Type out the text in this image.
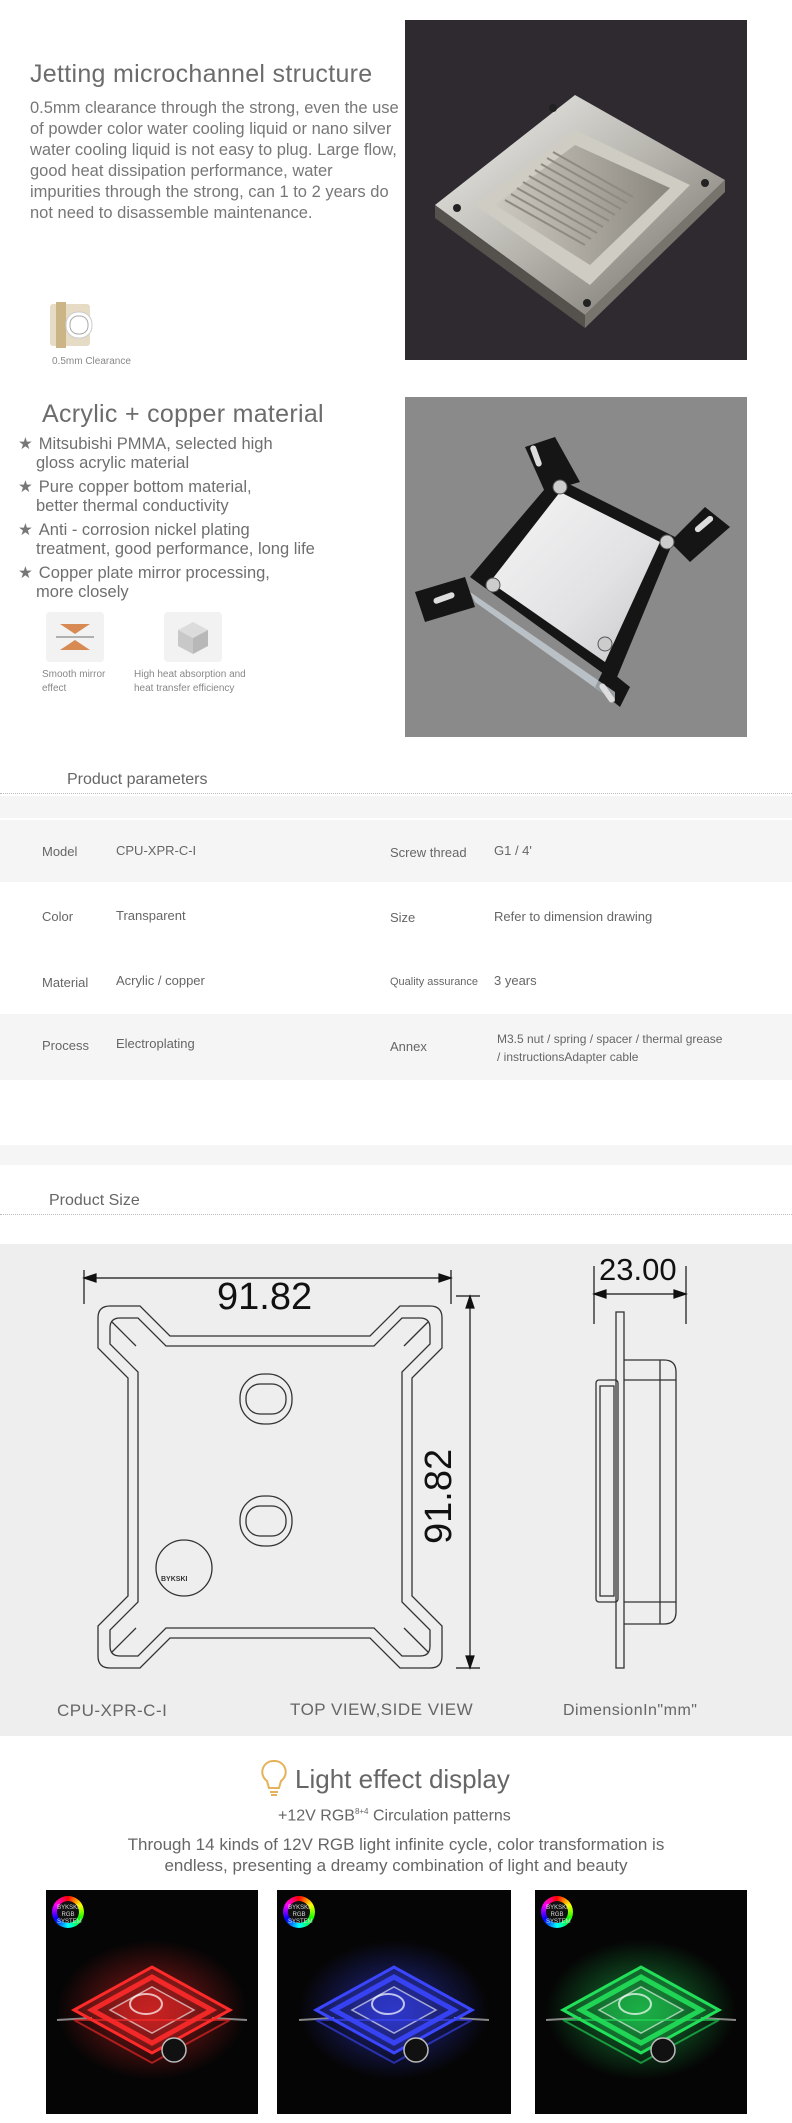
Jetting microchannel structure
0.5mm clearance through the strong, even the use of powder color water cooling liquid or nano silver water cooling liquid is not easy to plug. Large flow, good heat dissipation performance, water impurities through the strong, can 1 to 2 years do not need to disassemble maintenance.
0.5mm Clearance
Acrylic + copper material
★ Mitsubishi PMMA, selected high
gloss acrylic material
★ Pure copper bottom material,
better thermal conductivity
★ Anti - corrosion nickel plating
treatment, good performance, long life
★ Copper plate mirror processing,
more closely
Smooth mirror
effect
High heat absorption and
heat transfer efficiency
Product parameters
Model	CPU-XPR-C-I	Screw thread G1 / 4'
Color	Transparent	Size	Refer to dimension drawing
Material Acrylic / copper	Quality assurance 3 years
Process Electroplating	Annex	M3.5 nut / spring / spacer / thermal grease
/ instructionsAdapter cable
Product Size
91.82
91.82
23.00
BYKSKI
CPU-XPR-C-I	TOP VIEW,SIDE VIEW	DimensionIn"mm"
Light effect display
+12V $RGB^{8+4}$ Circulation patterns
Through 14 kinds of 12V RGB light infinite cycle, color transformation is
endless, presenting a dreamy combination of light and beauty
BYKSKI RGB SYSTEM
BYKSKI RGB SYSTEM
BYKSKI RGB SYSTEM
